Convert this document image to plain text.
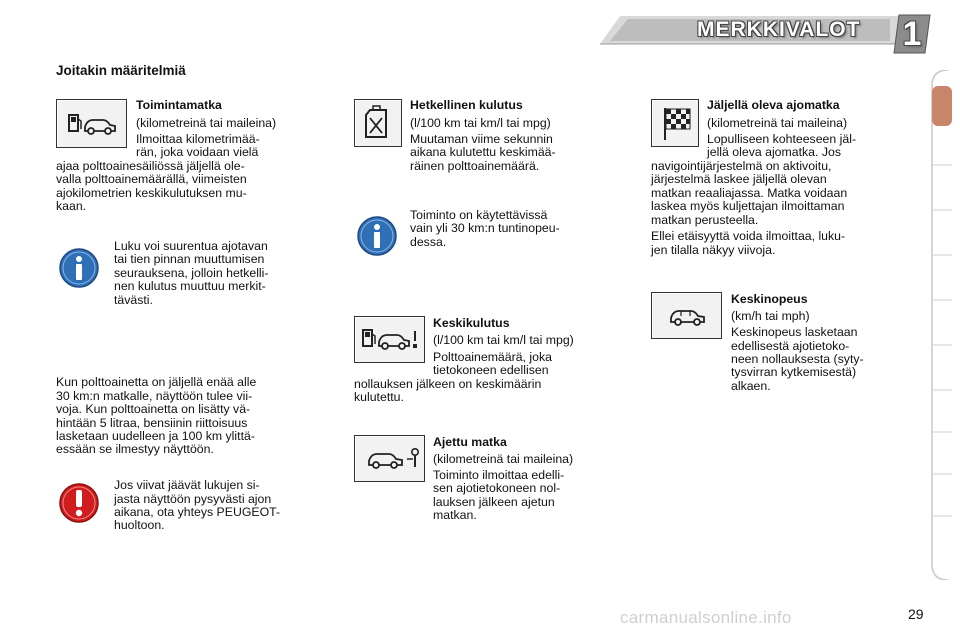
MERKKIVALOT 1
Joitakin määritelmiä
Toimintamatka
(kilometreinä tai maileina)
Ilmoittaa kilometrimää-
rän, joka voidaan vielä
ajaa polttoainesäiliössä jäljellä ole-
valla polttoainemäärällä, viimeisten
ajokilometrien keskikulutuksen mu-
kaan.
Luku voi suurentua ajotavan
tai tien pinnan muuttumisen
seurauksena, jolloin hetkelli-
nen kulutus muuttuu merkit-
tävästi.
Kun polttoainetta on jäljellä enää alle
30 km:n matkalle, näyttöön tulee vii-
voja. Kun polttoainetta on lisätty vä-
hintään 5 litraa, bensiinin riittoisuus
lasketaan uudelleen ja 100 km ylittä-
essään se ilmestyy näyttöön.
Jos viivat jäävät lukujen si-
jasta näyttöön pysyvästi ajon
aikana, ota yhteys PEUGEOT-
huoltoon.
Hetkellinen kulutus
(l/100 km tai km/l tai mpg)
Muutaman viime sekunnin
aikana kulutettu keskimää-
räinen polttoainemäärä.
Toiminto on käytettävissä
vain yli 30 km:n tuntinopeu-
dessa.
Keskikulutus
(l/100 km tai km/l tai mpg)
Polttoainemäärä, joka
tietokoneen edellisen
nollauksen jälkeen on keskimäärin
kulutettu.
Ajettu matka
(kilometreinä tai maileina)
Toiminto ilmoittaa edelli-
sen ajotietokoneen nol-
lauksen jälkeen ajetun
matkan.
Jäljellä oleva ajomatka
(kilometreinä tai maileina)
Lopulliseen kohteeseen jäl-
jellä oleva ajomatka. Jos
navigointijärjestelmä on aktivoitu,
järjestelmä laskee jäljellä olevan
matkan reaaliajassa. Matka voidaan
laskea myös kuljettajan ilmoittaman
matkan perusteella.
Ellei etäisyyttä voida ilmoittaa, luku-
jen tilalla näkyy viivoja.
Keskinopeus
(km/h tai mph)
Keskinopeus lasketaan
edellisestä ajotietoko-
neen nollauksesta (syty-
tysvirran kytkemisestä)
alkaen.
carmanualsonline.info	29
